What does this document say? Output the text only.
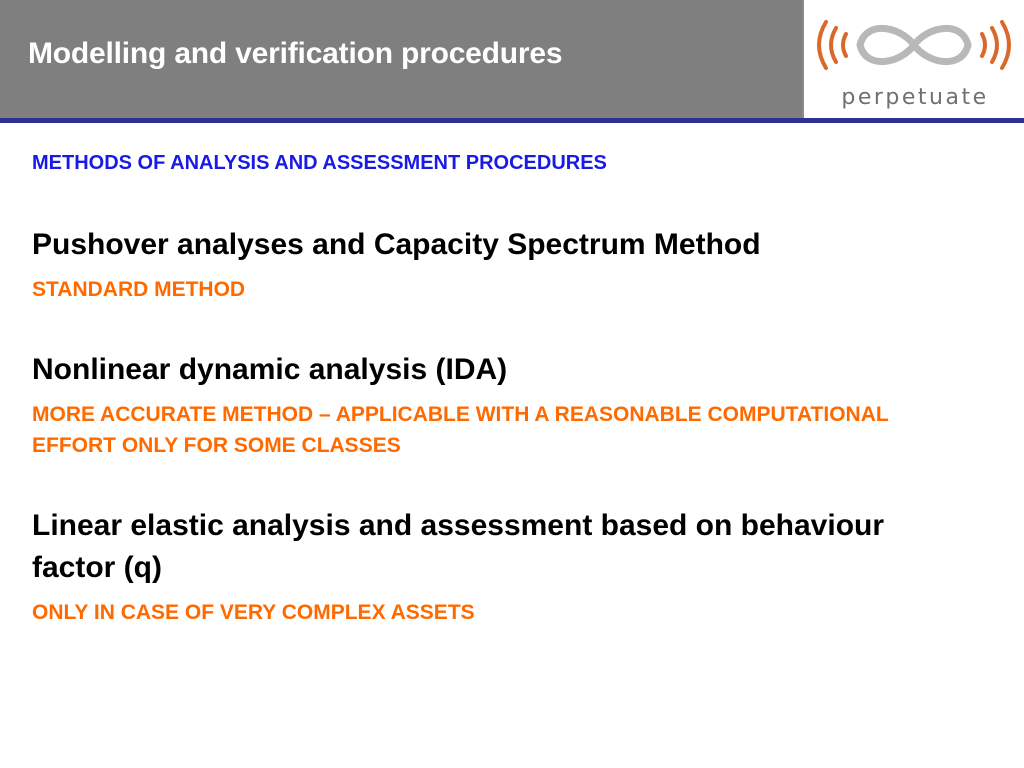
Modelling and verification procedures
perpetuate

METHODS OF ANALYSIS AND ASSESSMENT PROCEDURES

Pushover analyses and Capacity Spectrum Method

STANDARD METHOD

Nonlinear dynamic analysis (IDA)

MORE ACCURATE METHOD – APPLICABLE WITH A REASONABLE COMPUTATIONAL EFFORT ONLY FOR SOME CLASSES

Linear elastic analysis and assessment based on behaviour factor (q)

ONLY IN CASE OF VERY COMPLEX ASSETS
